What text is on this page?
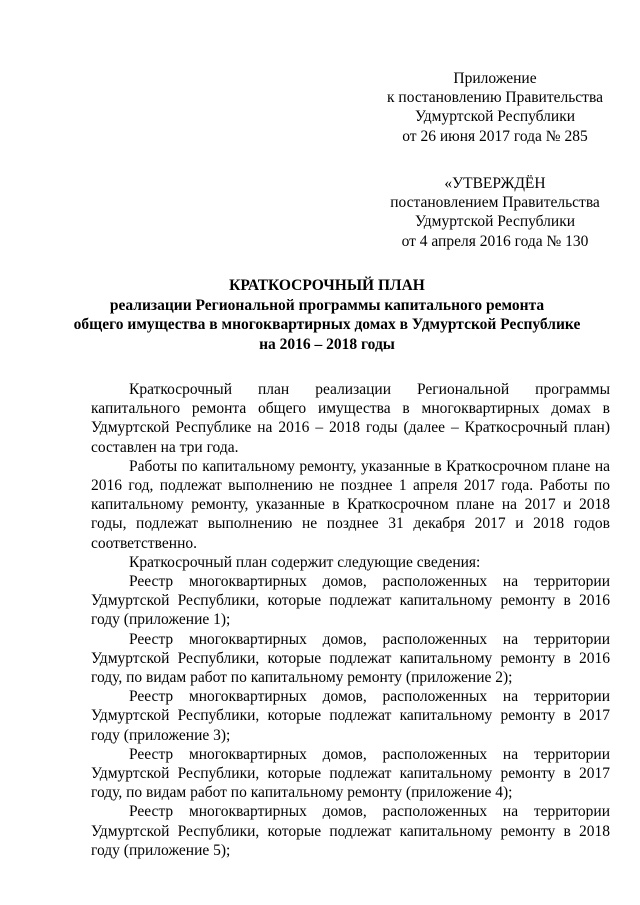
Приложение
к постановлению Правительства
Удмуртской Республики
от 26 июня 2017 года № 285
«УТВЕРЖДЁН
постановлением Правительства
Удмуртской Республики
от 4 апреля 2016 года № 130
КРАТКОСРОЧНЫЙ ПЛАН
реализации Региональной программы капитального ремонта
общего имущества в многоквартирных домах в Удмуртской Республике
на 2016 – 2018 годы

Краткосрочный план реализации Региональной программы капитального ремонта общего имущества в многоквартирных домах в Удмуртской Республике на 2016 – 2018 годы (далее – Краткосрочный план) составлен на три года.

Работы по капитальному ремонту, указанные в Краткосрочном плане на 2016 год, подлежат выполнению не позднее 1 апреля 2017 года. Работы по капитальному ремонту, указанные в Краткосрочном плане на 2017 и 2018 годы, подлежат выполнению не позднее 31 декабря 2017 и 2018 годов соответственно.

Краткосрочный план содержит следующие сведения:

Реестр многоквартирных домов, расположенных на территории Удмуртской Республики, которые подлежат капитальному ремонту в 2016 году (приложение 1);

Реестр многоквартирных домов, расположенных на территории Удмуртской Республики, которые подлежат капитальному ремонту в 2016 году, по видам работ по капитальному ремонту (приложение 2);

Реестр многоквартирных домов, расположенных на территории Удмуртской Республики, которые подлежат капитальному ремонту в 2017 году (приложение 3);

Реестр многоквартирных домов, расположенных на территории Удмуртской Республики, которые подлежат капитальному ремонту в 2017 году, по видам работ по капитальному ремонту (приложение 4);

Реестр многоквартирных домов, расположенных на территории Удмуртской Республики, которые подлежат капитальному ремонту в 2018 году (приложение 5);
